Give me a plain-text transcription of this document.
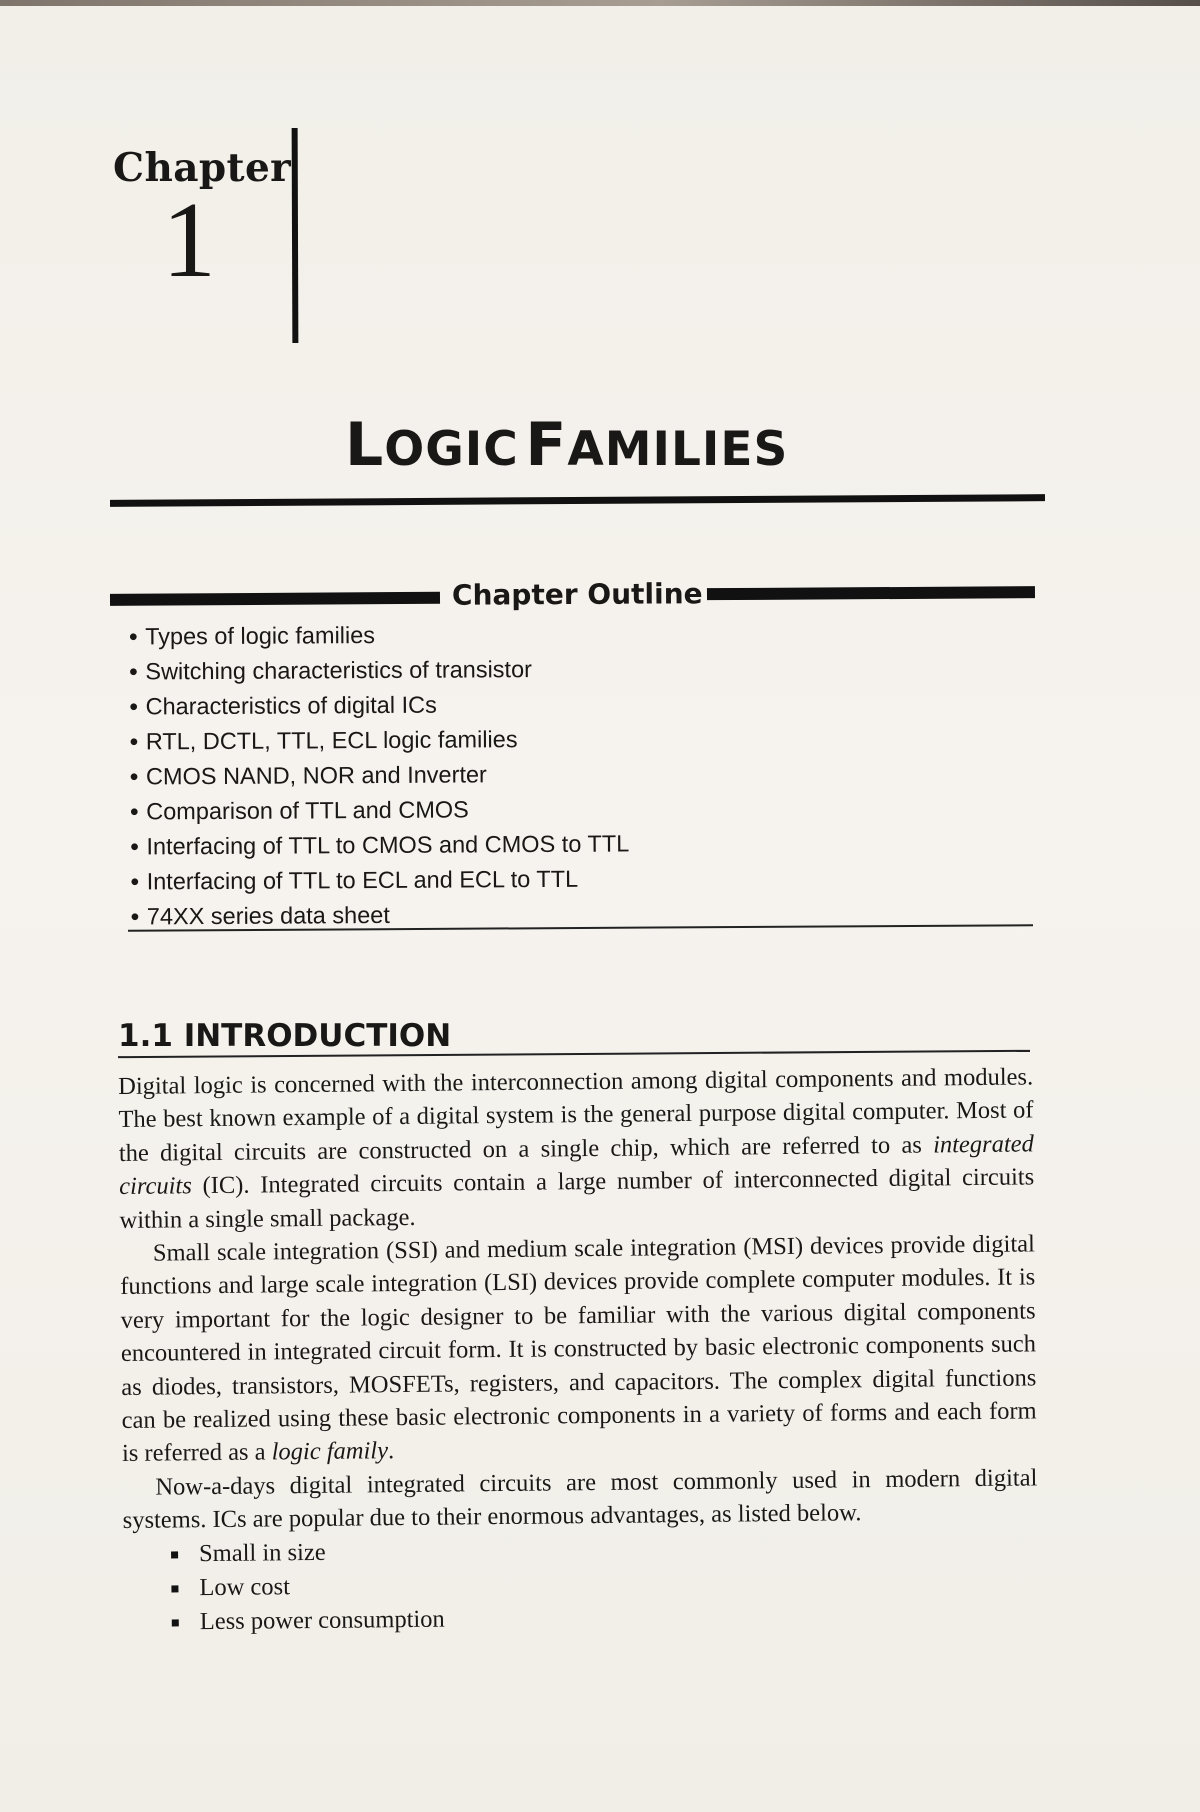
Chapter
1
LOGIC FAMILIES
Chapter Outline
• Types of logic families
• Switching characteristics of transistor
• Characteristics of digital ICs
• RTL, DCTL, TTL, ECL logic families
• CMOS NAND, NOR and Inverter
• Comparison of TTL and CMOS
• Interfacing of TTL to CMOS and CMOS to TTL
• Interfacing of TTL to ECL and ECL to TTL
• 74XX series data sheet
1.1 INTRODUCTION

Digital logic is concerned with the interconnection among digital components and modules. The best known example of a digital system is the general purpose digital computer. Most of the digital circuits are constructed on a single chip, which are referred to as integrated circuits (IC). Integrated circuits contain a large number of interconnected digital circuits within a single small package.

Small scale integration (SSI) and medium scale integration (MSI) devices provide digital functions and large scale integration (LSI) devices provide complete computer modules. It is very important for the logic designer to be familiar with the various digital components encountered in integrated circuit form. It is constructed by basic electronic components such as diodes, transistors, MOSFETs, registers, and capacitors. The complex digital functions can be realized using these basic electronic components in a variety of forms and each form is referred as a logic family.

Now-a-days digital integrated circuits are most commonly used in modern digital systems. ICs are popular due to their enormous advantages, as listed below.

Small in size
Low cost
Less power consumption
